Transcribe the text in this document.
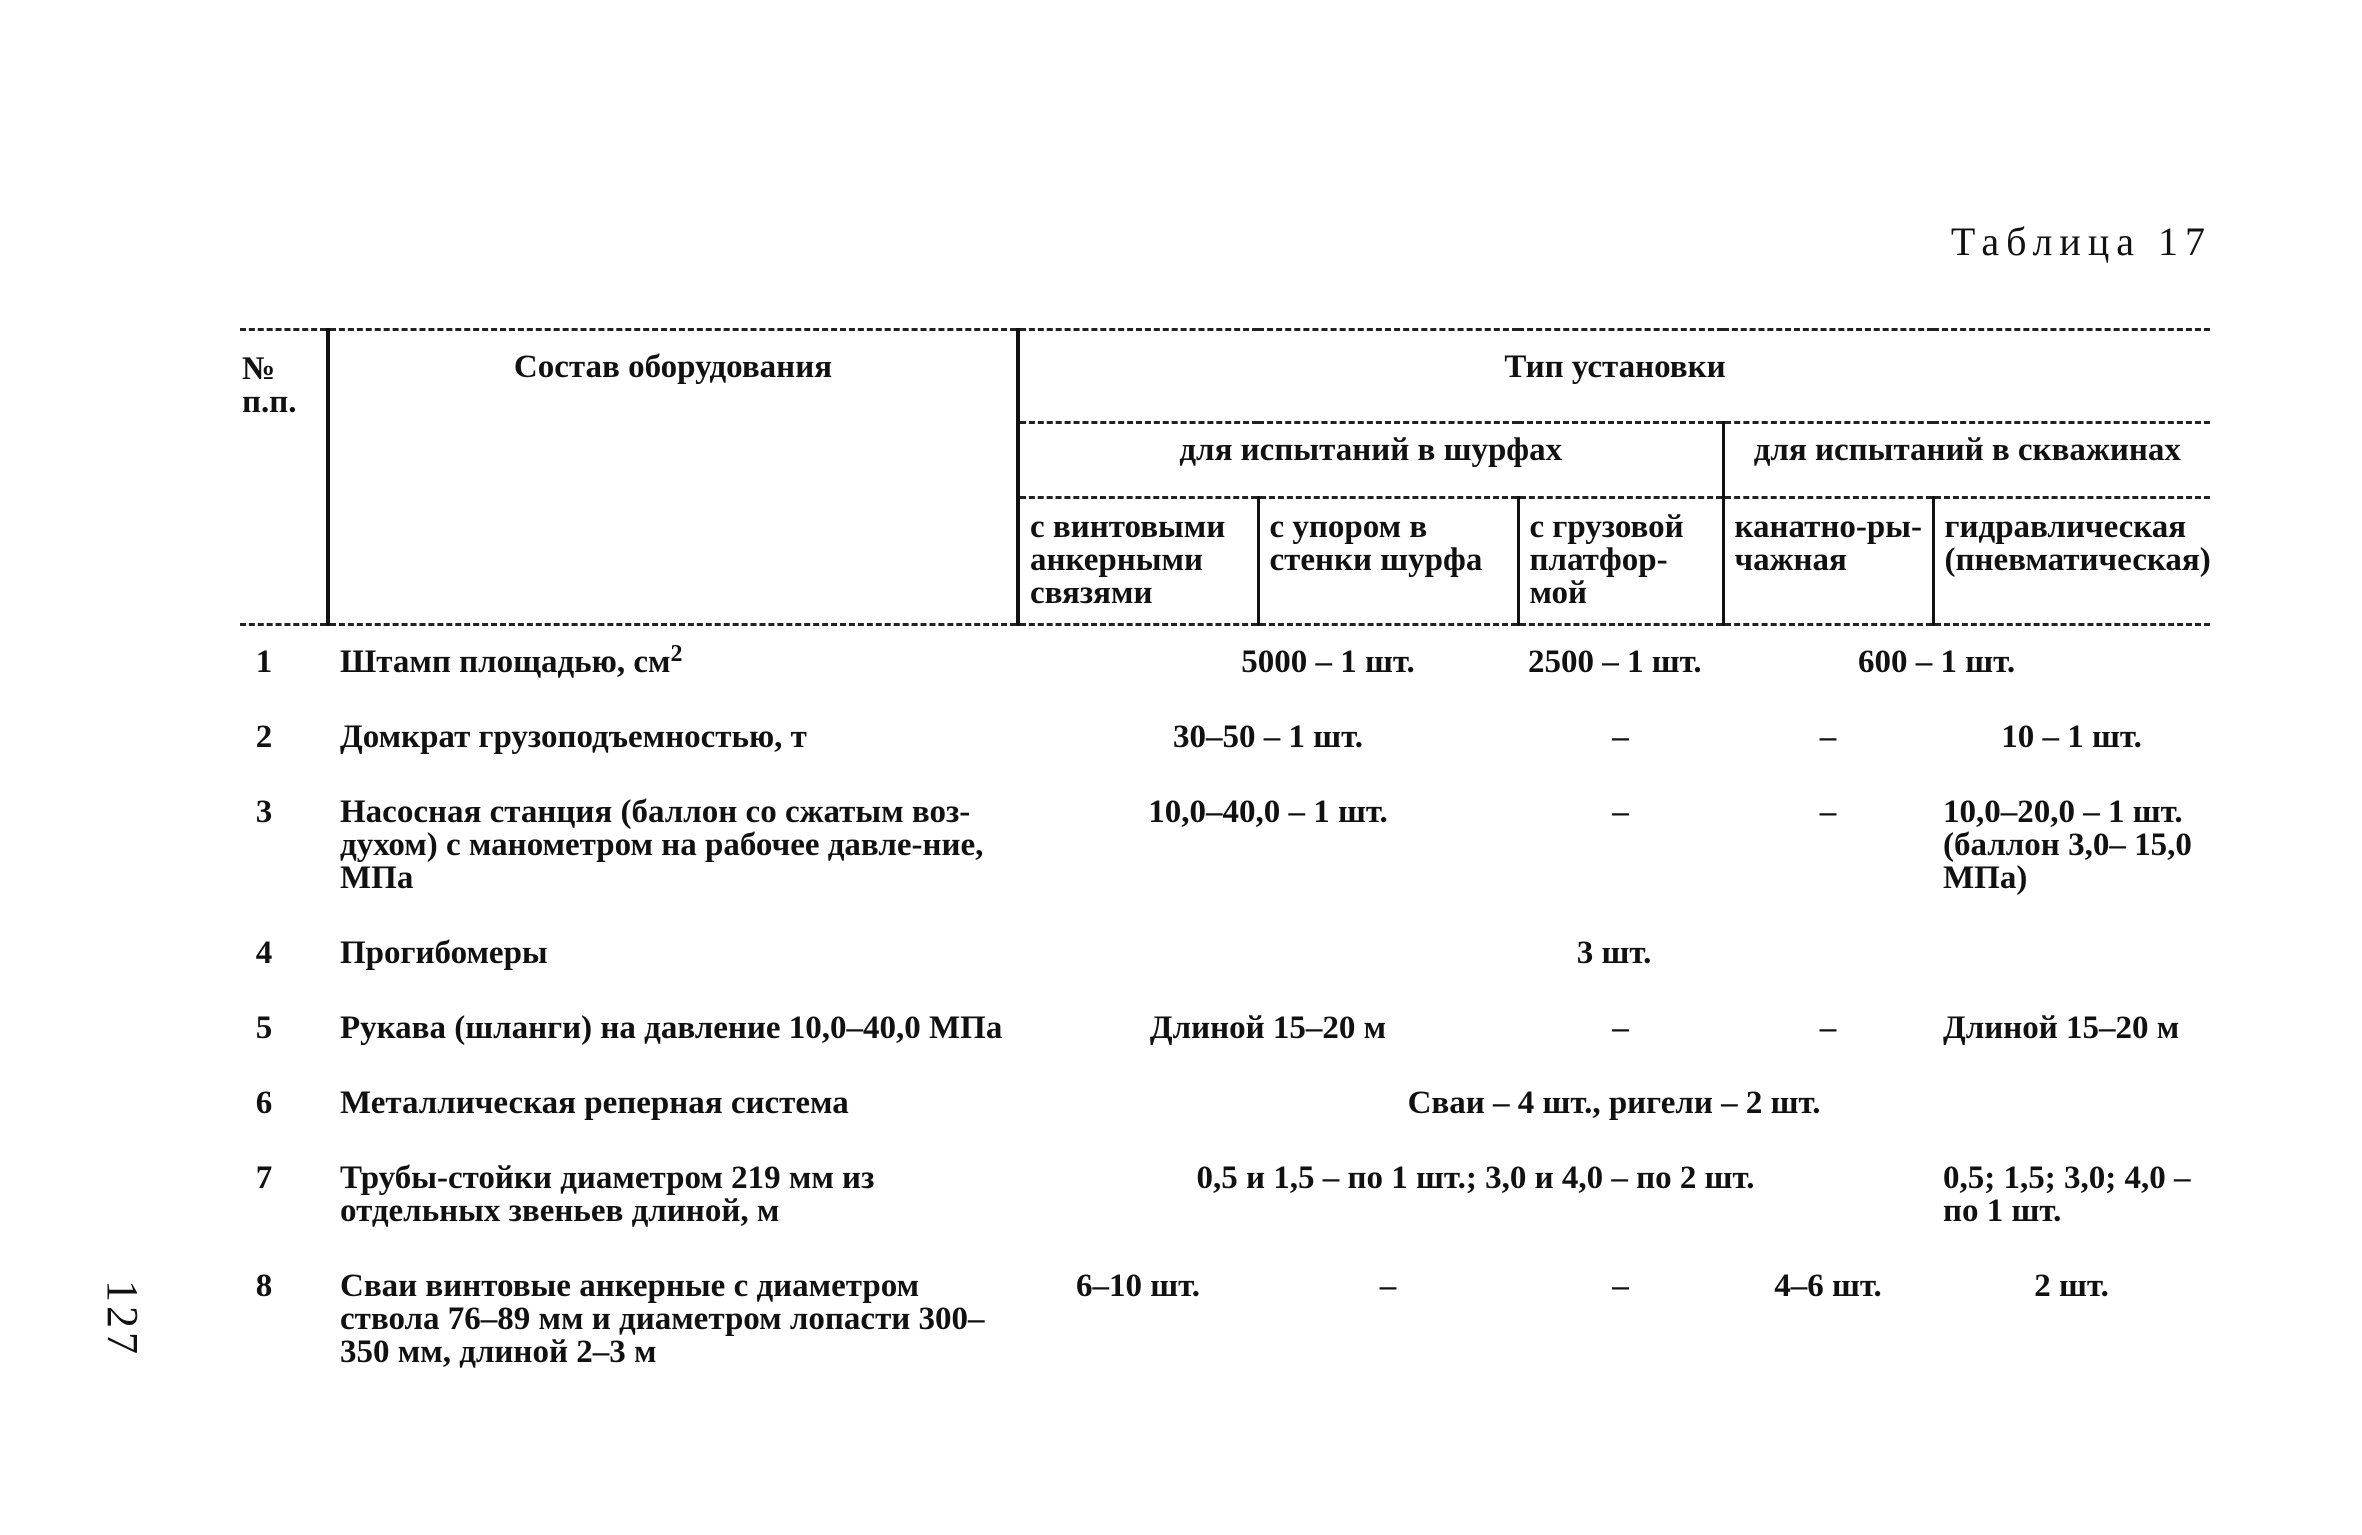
Таблица 17
№ п.п.	Состав оборудования	Тип установки				
		для испытаний в шурфах			для испытаний в скважинах	
		с винтовыми анкерными связями	с упором в стенки шурфа	с грузовой платфор-мой	канатно-ры-чажная	гидравлическая (пневматическая)
1	Штамп площадью, $см^2$	5000 – 1 шт.		2500 – 1 шт.	600 – 1 шт.	
2	Домкрат грузоподъемностью, т	30–50 – 1 шт.		–	–	10 – 1 шт.
3	Насосная станция (баллон со сжатым воз-духом) с манометром на рабочее давле-ние, МПа	10,0–40,0 – 1 шт.		–	–	10,0–20,0 – 1 шт. (баллон 3,0– 15,0 МПа)
4	Прогибомеры	3 шт.				
5	Рукава (шланги) на давление 10,0–40,0 МПа	Длиной 15–20 м		–	–	Длиной 15–20 м
6	Металлическая реперная система	Сваи – 4 шт., ригели – 2 шт.				
7	Трубы-стойки диаметром 219 мм из отдельных звеньев длиной, м	0,5 и 1,5 – по 1 шт.; 3,0 и 4,0 – по 2 шт.				0,5; 1,5; 3,0; 4,0 – по 1 шт.
8	Сваи винтовые анкерные с диаметром ствола 76–89 мм и диаметром лопасти 300–350 мм, длиной 2–3 м	6–10 шт.	–	–	4–6 шт.	2 шт.
127
